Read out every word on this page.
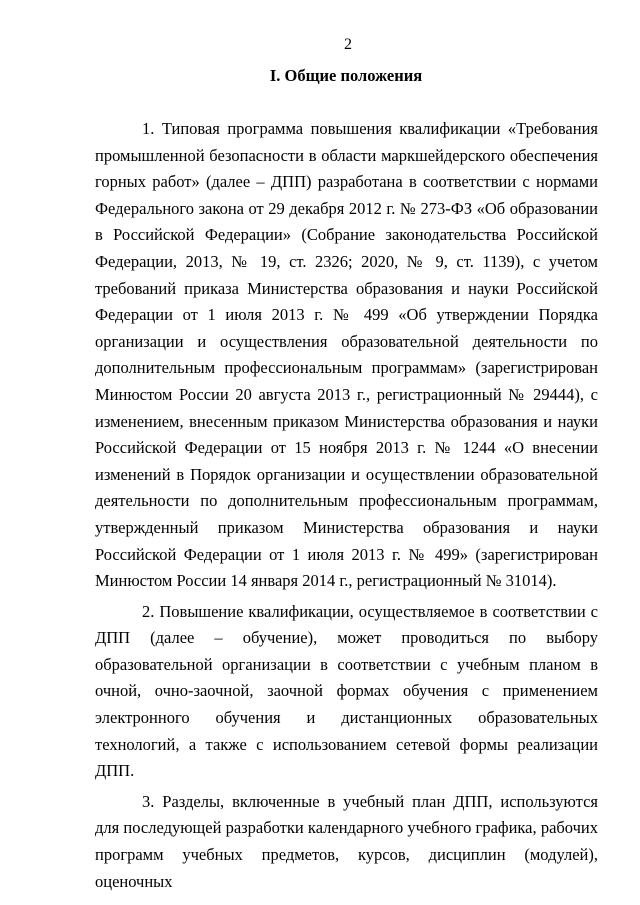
2
I. Общие положения

1. Типовая программа повышения квалификации «Требования промышленной безопасности в области маркшейдерского обеспечения горных работ» (далее – ДПП) разработана в соответствии с нормами Федерального закона от 29 декабря 2012 г. № 273-ФЗ «Об образовании в Российской Федерации» (Собрание законодательства Российской Федерации, 2013, № 19, ст. 2326; 2020, № 9, ст. 1139), с учетом требований приказа Министерства образования и науки Российской Федерации от 1 июля 2013 г. № 499 «Об утверждении Порядка организации и осуществления образовательной деятельности по дополнительным профессиональным программам» (зарегистрирован Минюстом России 20 августа 2013 г., регистрационный № 29444), с изменением, внесенным приказом Министерства образования и науки Российской Федерации от 15 ноября 2013 г. № 1244 «О внесении изменений в Порядок организации и осуществлении образовательной деятельности по дополнительным профессиональным программам, утвержденный приказом Министерства образования и науки Российской Федерации от 1 июля 2013 г. № 499» (зарегистрирован Минюстом России 14 января 2014 г., регистрационный № 31014).

2. Повышение квалификации, осуществляемое в соответствии с ДПП (далее – обучение), может проводиться по выбору образовательной организации в соответствии с учебным планом в очной, очно-заочной, заочной формах обучения с применением электронного обучения и дистанционных образовательных технологий, а также с использованием сетевой формы реализации ДПП.

3. Разделы, включенные в учебный план ДПП, используются для последующей разработки календарного учебного графика, рабочих программ учебных предметов, курсов, дисциплин (модулей), оценочных
